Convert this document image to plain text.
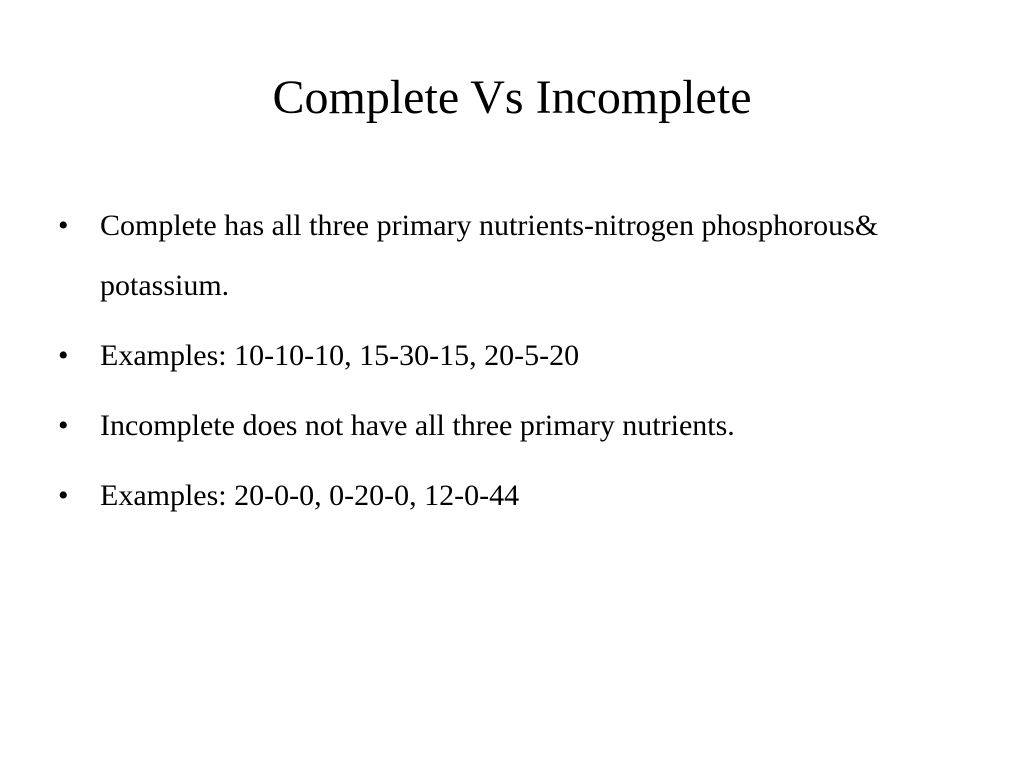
Complete Vs Incomplete
•	Complete has all three primary nutrients-nitrogen phosphorous& potassium.
•	Examples: 10-10-10, 15-30-15, 20-5-20
•	Incomplete does not have all three primary nutrients.
•	Examples: 20-0-0, 0-20-0, 12-0-44
